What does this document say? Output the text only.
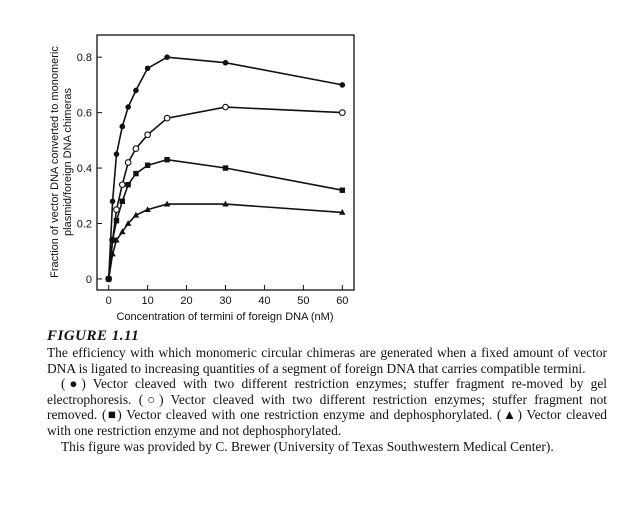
0	10 20 30 40 50 60
0
0.2
0.4
0.6
0.8
Concentration of termini of foreign DNA (nM)
Fraction of vector DNA converted to monomeric plasmid/foreign DNA chimeras
FIGURE 1.11

The efficiency with which monomeric circular chimeras are generated when a fixed amount of vector DNA is ligated to increasing quantities of a segment of foreign DNA that carries compatible termini.

(●) Vector cleaved with two different restriction enzymes; stuffer fragment re-moved by gel electrophoresis. (○) Vector cleaved with two different restriction enzymes; stuffer fragment not removed. (■) Vector cleaved with one restriction enzyme and dephosphorylated. (▲) Vector cleaved with one restriction enzyme and not dephosphorylated.

This figure was provided by C. Brewer (University of Texas Southwestern Medical Center).
